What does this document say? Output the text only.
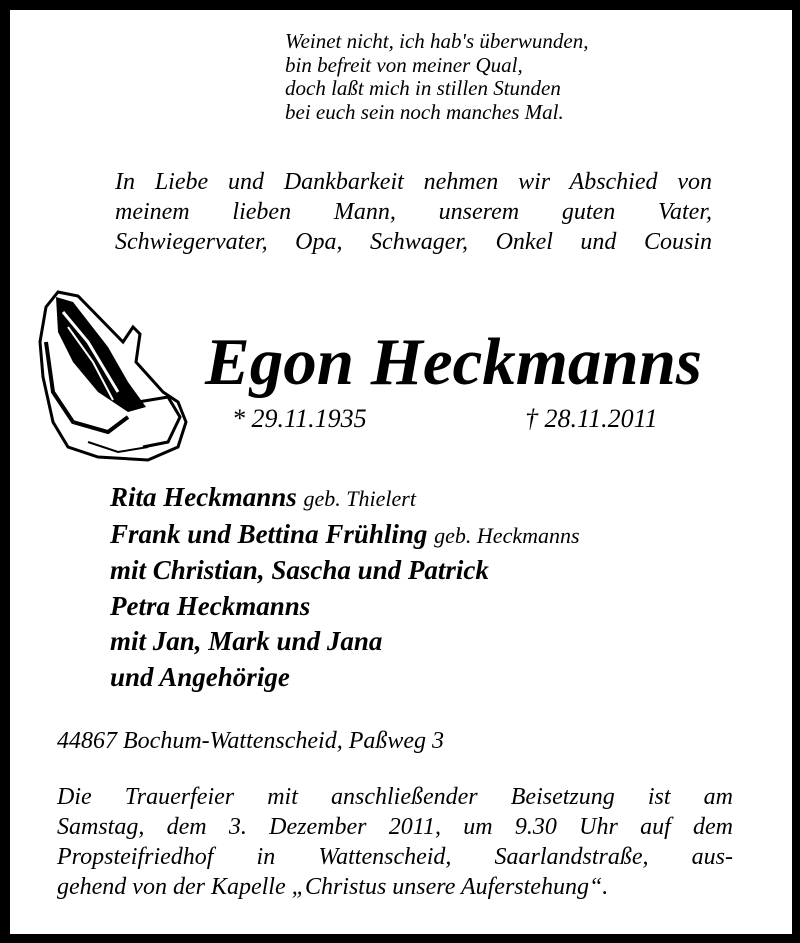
Weinet nicht, ich hab's überwunden,
bin befreit von meiner Qual,
doch laßt mich in stillen Stunden
bei euch sein noch manches Mal.
In Liebe und Dankbarkeit nehmen wir Abschied von
meinem lieben Mann, unserem guten Vater,
Schwiegervater, Opa, Schwager, Onkel und Cousin
Egon Heckmanns
* 29.11.1935	† 28.11.2011
Rita Heckmanns geb. Thielert
Frank und Bettina Frühling geb. Heckmanns
mit Christian, Sascha und Patrick
Petra Heckmanns
mit Jan, Mark und Jana
und Angehörige
44867 Bochum-Wattenscheid, Paßweg 3
Die Trauerfeier mit anschließender Beisetzung ist am
Samstag, dem 3. Dezember 2011, um 9.30 Uhr auf dem
Propsteifriedhof in Wattenscheid, Saarlandstraße, aus-
gehend von der Kapelle „Christus unsere Auferstehung“.
